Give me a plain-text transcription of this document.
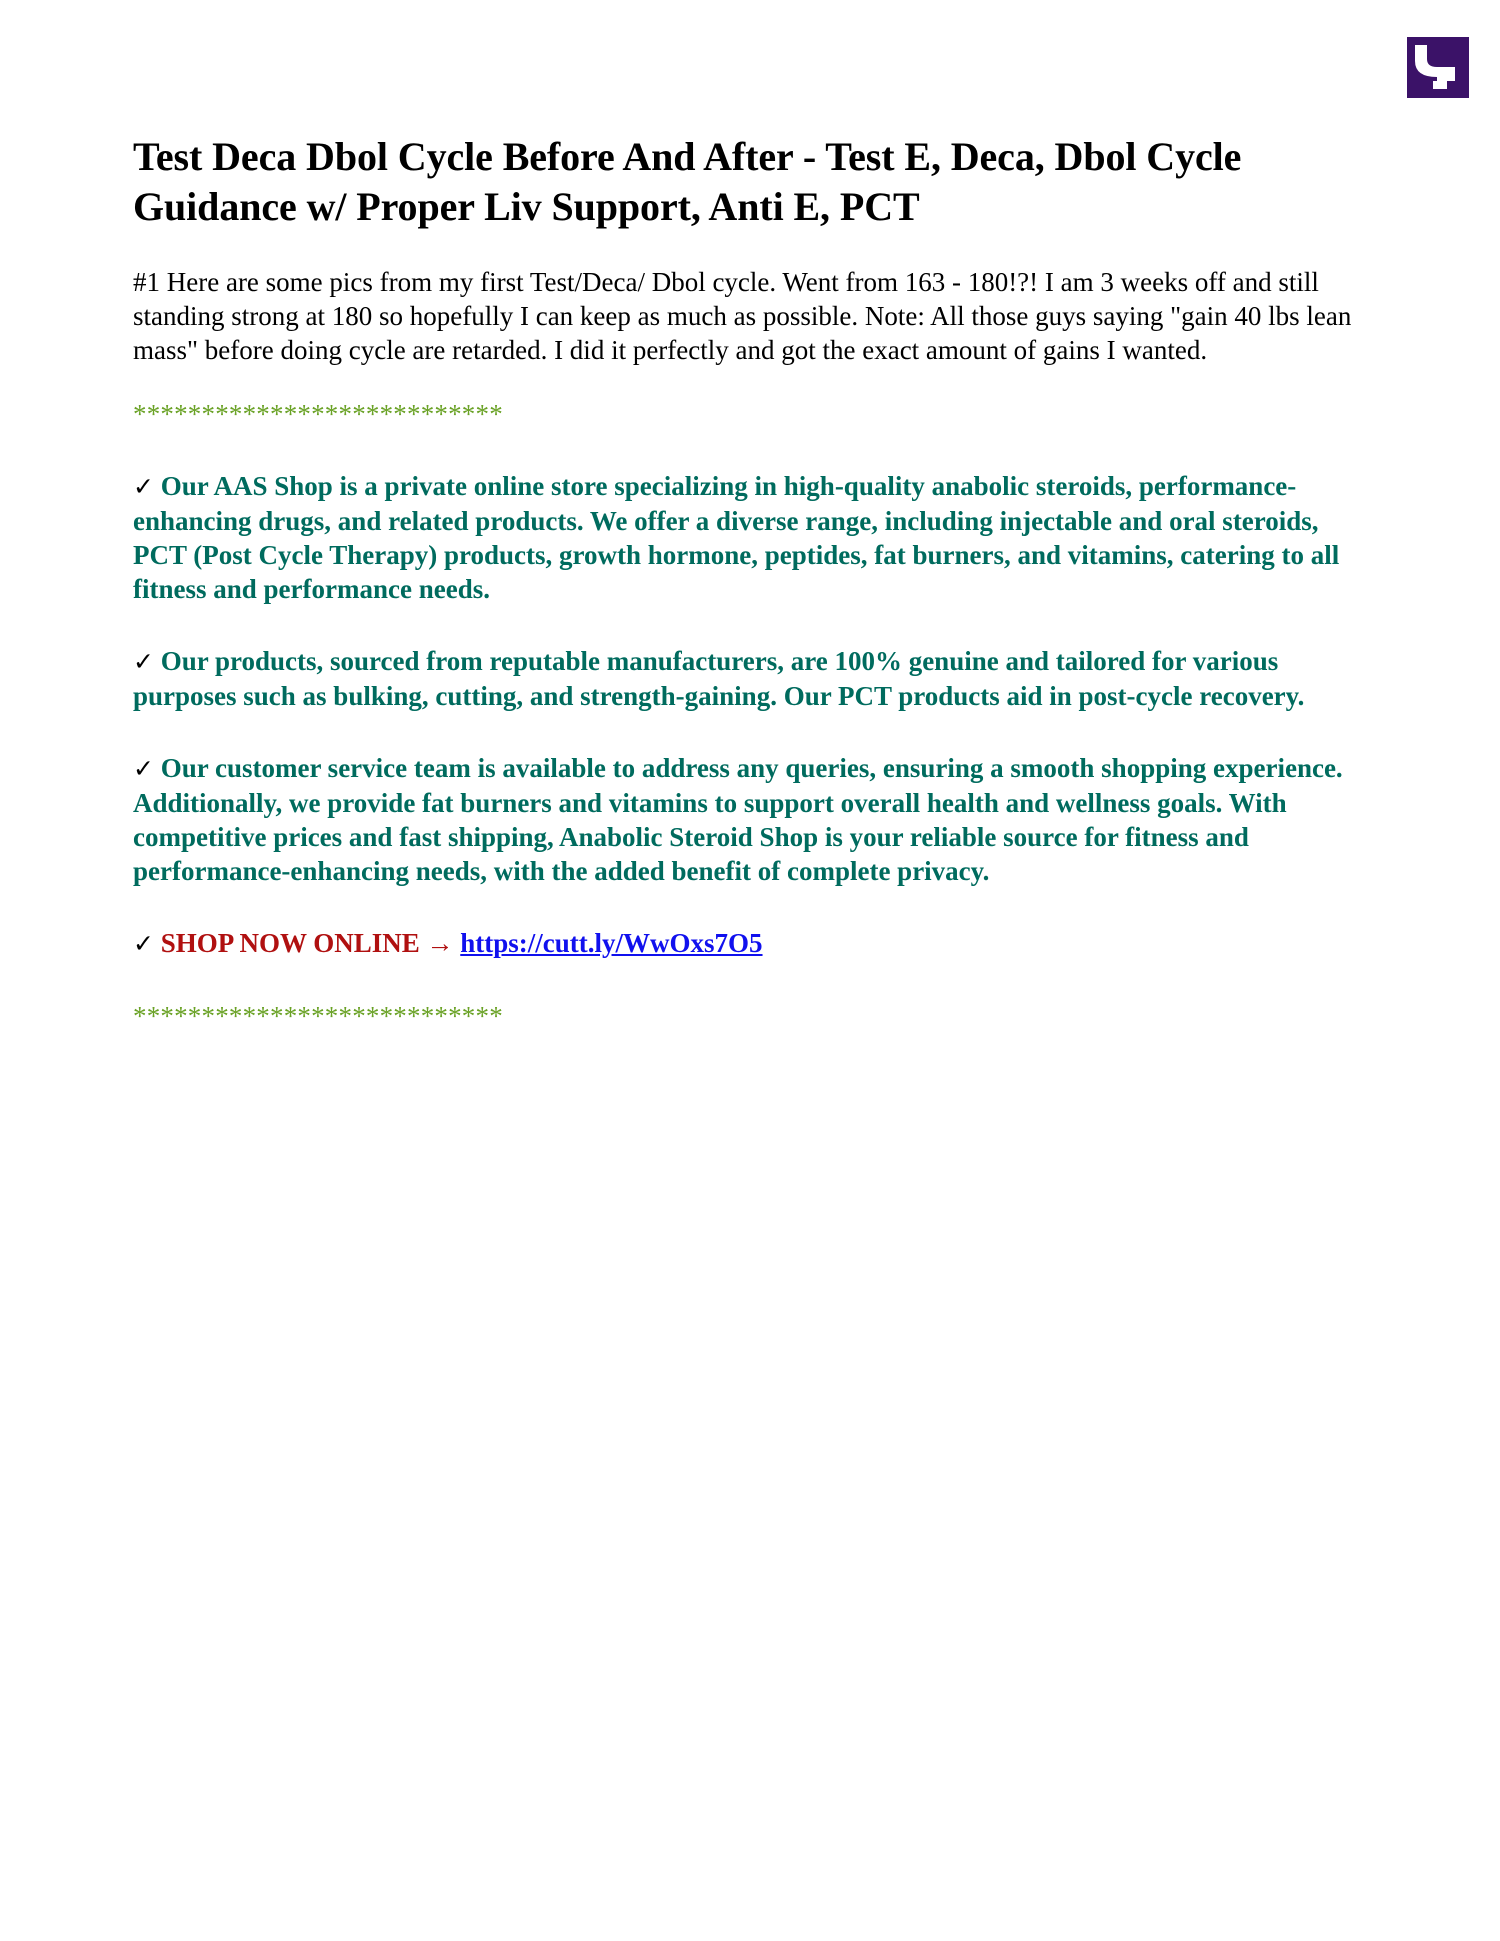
Test Deca Dbol Cycle Before And After - Test E, Deca, Dbol Cycle Guidance w/ Proper Liv Support, Anti E, PCT

#1 Here are some pics from my first Test/Deca/ Dbol cycle. Went from 163 - 180!?! I am 3 weeks off and still standing strong at 180 so hopefully I can keep as much as possible. Note: All those guys saying "gain 40 lbs lean mass" before doing cycle are retarded. I did it perfectly and got the exact amount of gains I wanted.

***************************

✓ Our AAS Shop is a private online store specializing in high-quality anabolic steroids, performance-enhancing drugs, and related products. We offer a diverse range, including injectable and oral steroids, PCT (Post Cycle Therapy) products, growth hormone, peptides, fat burners, and vitamins, catering to all fitness and performance needs.

✓ Our products, sourced from reputable manufacturers, are 100% genuine and tailored for various purposes such as bulking, cutting, and strength-gaining. Our PCT products aid in post-cycle recovery.

✓ Our customer service team is available to address any queries, ensuring a smooth shopping experience. Additionally, we provide fat burners and vitamins to support overall health and wellness goals. With competitive prices and fast shipping, Anabolic Steroid Shop is your reliable source for fitness and performance-enhancing needs, with the added benefit of complete privacy.

✓ SHOP NOW ONLINE → https://cutt.ly/WwOxs7O5

***************************
